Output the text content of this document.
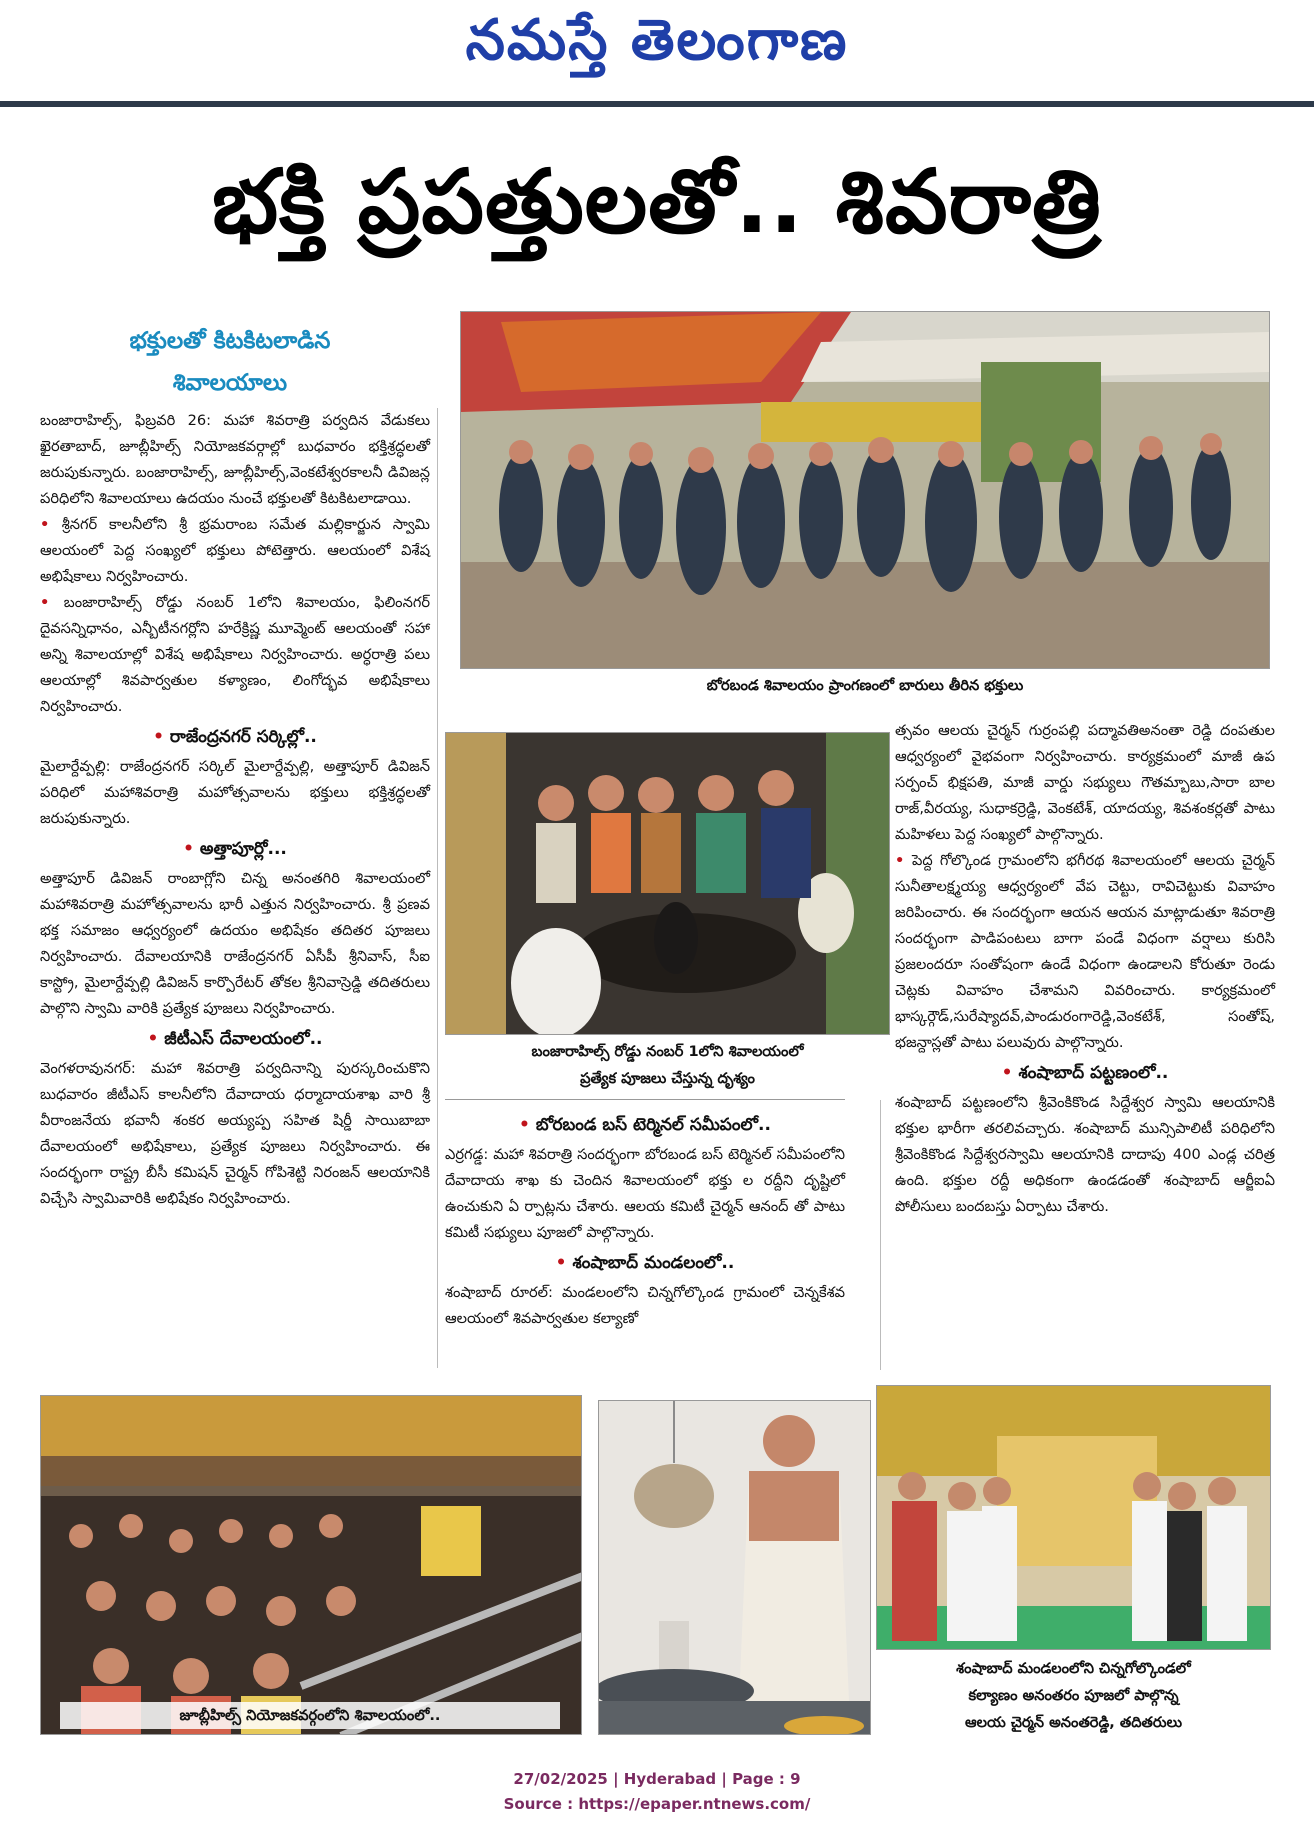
నమస్తే తెలంగాణ
భక్తి ప్రపత్తులతో.. శివరాత్రి
భక్తులతో కిటకిటలాడిన
శివాలయాలు

బంజారాహిల్స్, ఫిబ్రవరి 26: మహా శివరాత్రి పర్వదిన వేడుకలు ఖైరతాబాద్, జూబ్లీహిల్స్ నియోజకవర్గాల్లో బుధవారం భక్తిశ్రద్ధలతో జరుపుకున్నారు. బంజారాహిల్స్, జూబ్లీహిల్స్,వెంకటేశ్వరకాలనీ డివిజన్ల పరిధిలోని శివాలయాలు ఉదయం నుంచే భక్తులతో కిటకిటలాడాయి.

• శ్రీనగర్ కాలనీలోని శ్రీ భ్రమరాంబ సమేత మల్లికార్జున స్వామి ఆలయంలో పెద్ద సంఖ్యలో భక్తులు పోటెత్తారు. ఆలయంలో విశేష అభిషేకాలు నిర్వహించారు.

• బంజారాహిల్స్ రోడ్డు నంబర్ 1లోని శివాలయం, ఫిలింనగర్ దైవసన్నిధానం, ఎన్బీటీనగర్లోని హరేక్రిష్ణ మూవ్మెంట్ ఆలయంతో సహా అన్ని శివాలయాల్లో విశేష అభిషేకాలు నిర్వహించారు. అర్ధరాత్రి పలు ఆలయాల్లో శివపార్వతుల కళ్యాణం, లింగోద్భవ అభిషేకాలు నిర్వహించారు.

• రాజేంద్రనగర్ సర్కిల్లో..

మైలార్దేవ్పల్లి: రాజేంద్రనగర్ సర్కిల్ మైలార్దేవ్పల్లి, అత్తాపూర్ డివిజన్ పరిధిలో మహాశివరాత్రి మహోత్సవాలను భక్తులు భక్తిశ్రద్ధలతో జరుపుకున్నారు.

• అత్తాపూర్లో...

అత్తాపూర్ డివిజన్ రాంబాగ్లోని చిన్న అనంతగిరి శివాలయంలో మహాశివరాత్రి మహోత్సవాలను భారీ ఎత్తున నిర్వహించారు. శ్రీ ప్రణవ భక్త సమాజం ఆధ్వర్యంలో ఉదయం అభిషేకం తదితర పూజలు నిర్వహించారు. దేవాలయానికి రాజేంద్రనగర్ ఏసీపీ శ్రీనివాస్, సీఐ కాస్ట్రో, మైలార్దేవ్పల్లి డివిజన్ కార్పొరేటర్ తోకల శ్రీనివాస్రెడ్డి తదితరులు పాల్గొని స్వామి వారికి ప్రత్యేక పూజలు నిర్వహించారు.

• జీటీఎస్ దేవాలయంలో..

వెంగళరావునగర్: మహా శివరాత్రి పర్వదినాన్ని పురస్కరించుకొని బుధవారం జీటీఎస్ కాలనీలోని దేవాదాయ ధర్మాదాయశాఖ వారి శ్రీ వీరాంజనేయ భవానీ శంకర అయ్యప్ప సహిత షిర్డీ సాయిబాబా దేవాలయంలో అభిషేకాలు, ప్రత్యేక పూజలు నిర్వహించారు. ఈ సందర్భంగా రాష్ట్ర బీసీ కమిషన్ చైర్మన్ గోపిశెట్టి నిరంజన్ ఆలయానికి విచ్చేసి స్వామివారికి అభిషేకం నిర్వహించారు.

బోరబండ శివాలయం ప్రాంగణంలో బారులు తీరిన భక్తులు
బంజారాహిల్స్ రోడ్డు నంబర్ 1లోని శివాలయంలో
ప్రత్యేక పూజలు చేస్తున్న దృశ్యం

• బోరబండ బస్ టెర్మినల్ సమీపంలో..

ఎర్రగడ్డ: మహా శివరాత్రి సందర్భంగా బోరబండ బస్ టెర్మినల్ సమీపంలోని దేవాదాయ శాఖ కు చెందిన శివాలయంలో భక్తు ల రద్దీని దృష్టిలో ఉంచుకుని ఏ ర్పాట్లను చేశారు. ఆలయ కమిటీ చైర్మన్ ఆనంద్ తో పాటు కమిటీ సభ్యులు పూజలో పాల్గొన్నారు.

• శంషాబాద్ మండలంలో..

శంషాబాద్ రూరల్: మండలంలోని చిన్నగోల్కొండ గ్రామంలో చెన్నకేశవ ఆలయంలో శివపార్వతుల కల్యాణో

త్సవం ఆలయ చైర్మన్ గుర్రంపల్లి పద్మావతిఅనంతా రెడ్డి దంపతుల ఆధ్వర్యంలో వైభవంగా నిర్వహించారు. కార్యక్రమంలో మాజీ ఉప సర్పంచ్ భిక్షపతి, మాజీ వార్డు సభ్యులు గౌతమ్బాబు,సారా బాల రాజ్,వీరయ్య, సుధాకర్రెడ్డి, వెంకటేశ్, యాదయ్య, శివశంకర్లతో పాటు మహిళలు పెద్ద సంఖ్యలో పాల్గొన్నారు.

• పెద్ద గోల్కొండ గ్రామంలోని భగీరథ శివాలయంలో ఆలయ చైర్మన్ సునీతాలక్ష్మయ్య ఆధ్వర్యంలో వేప చెట్టు, రావిచెట్టుకు వివాహం జరిపించారు. ఈ సందర్భంగా ఆయన ఆయన మాట్లాడుతూ శివరాత్రి సందర్భంగా పాడిపంటలు బాగా పండే విధంగా వర్షాలు కురిసి ప్రజలందరూ సంతోషంగా ఉండే విధంగా ఉండాలని కోరుతూ రెండు చెట్లకు వివాహం చేశామని వివరించారు. కార్యక్రమంలో భాస్కర్గౌడ్,సురేష్యాదవ్,పాండురంగారెడ్డి,వెంకటేశ్, సంతోష్, భజన్దాస్లతో పాటు పలువురు పాల్గొన్నారు.

• శంషాబాద్ పట్టణంలో..

శంషాబాద్ పట్టణంలోని శ్రీవెంకికొండ సిద్దేశ్వర స్వామి ఆలయానికి భక్తుల భారీగా తరలివచ్చారు. శంషాబాద్ మున్సిపాలిటీ పరిధిలోని శ్రీవెంకికొండ సిద్దేశ్వరస్వామి ఆలయానికి దాదాపు 400 ఎండ్ల చరిత్ర ఉంది. భక్తుల రద్దీ అధికంగా ఉండడంతో శంషాబాద్ ఆర్జీఐఏ పోలీసులు బందబస్తు ఏర్పాటు చేశారు.

జూబ్లీహిల్స్ నియోజకవర్గంలోని శివాలయంలో..
శంషాబాద్ మండలంలోని చిన్నగోల్కొండలో
కల్యాణం అనంతరం పూజలో పాల్గొన్న
ఆలయ చైర్మన్ అనంతరెడ్డి, తదితరులు
27/02/2025 | Hyderabad | Page : 9
Source : https://epaper.ntnews.com/
